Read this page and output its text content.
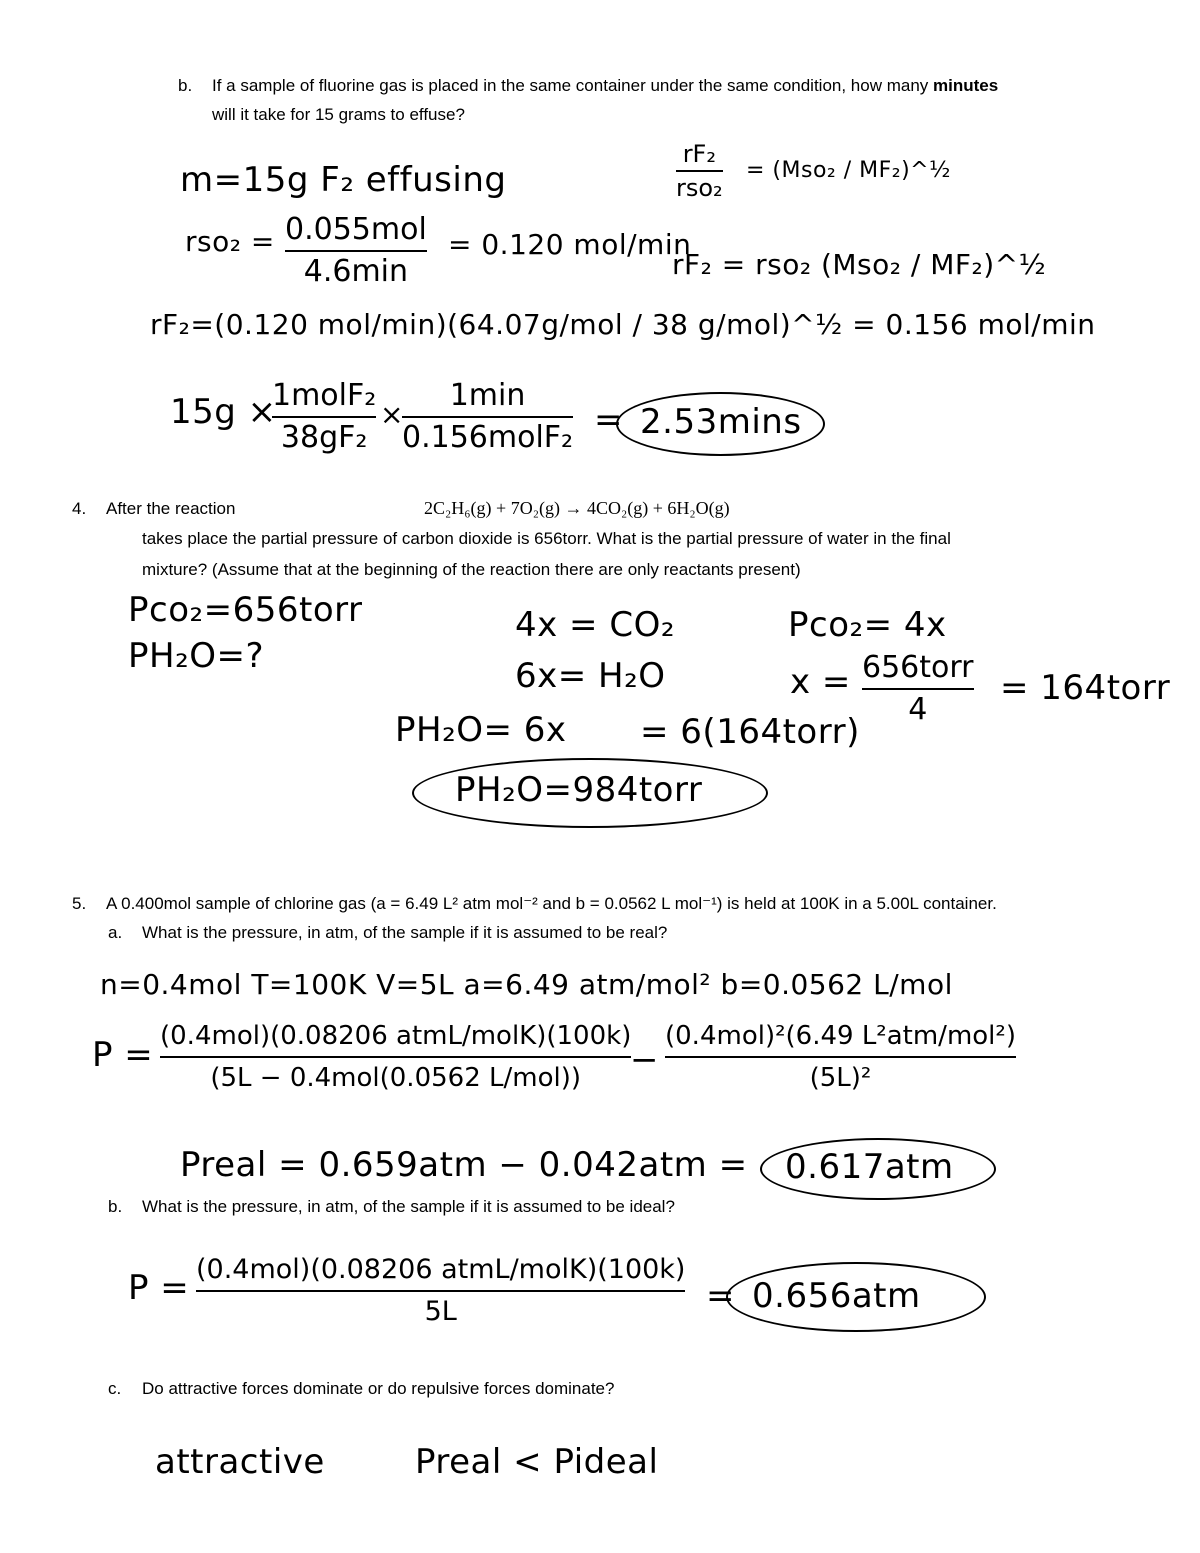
b. If a sample of fluorine gas is placed in the same container under the same condition, how many minutes
will it take for 15 grams to effuse?
m=15g F₂ effusing
rso₂ = 0.055mol
4.6min
= 0.120 mol/min
rF₂
rso₂
= (Mso₂ / MF₂)^½
rF₂ = rso₂ (Mso₂ / MF₂)^½
rF₂=(0.120 mol/min)(64.07g/mol / 38 g/mol)^½ = 0.156 mol/min
15g ×
1molF₂
38gF₂
×
1min
0.156molF₂ = 2.53mins
4. After the reaction	2C₂H₆(g) + 7O₂(g) → 4CO₂(g) + 6H₂O(g)
takes place the partial pressure of carbon dioxide is 656torr. What is the partial pressure of water in the final
mixture? (Assume that at the beginning of the reaction there are only reactants present)
Pco₂=656torr
PH₂O=?
4x = CO₂
6x= H₂O
Pco₂= 4x
x = 656torr
4
= 164torr
PH₂O= 6x = 6(164torr)
PH₂O=984torr
5. A 0.400mol sample of chlorine gas (a = 6.49 L² atm mol⁻² and b = 0.0562 L mol⁻¹) is held at 100K in a 5.00L container.
a. What is the pressure, in atm, of the sample if it is assumed to be real?
n=0.4mol T=100K V=5L a=6.49 atm/mol² b=0.0562 L/mol
P = (0.4mol)(0.08206 atmL/molK)(100k)
(5L − 0.4mol(0.0562 L/mol)) −
(0.4mol)²(6.49 L²atm/mol²)
(5L)²
Preal = 0.659atm − 0.042atm = 0.617atm
b. What is the pressure, in atm, of the sample if it is assumed to be ideal?
P = (0.4mol)(0.08206 atmL/molK)(100k)
5L	= 0.656atm
c. Do attractive forces dominate or do repulsive forces dominate?
attractive	Preal < Pideal
